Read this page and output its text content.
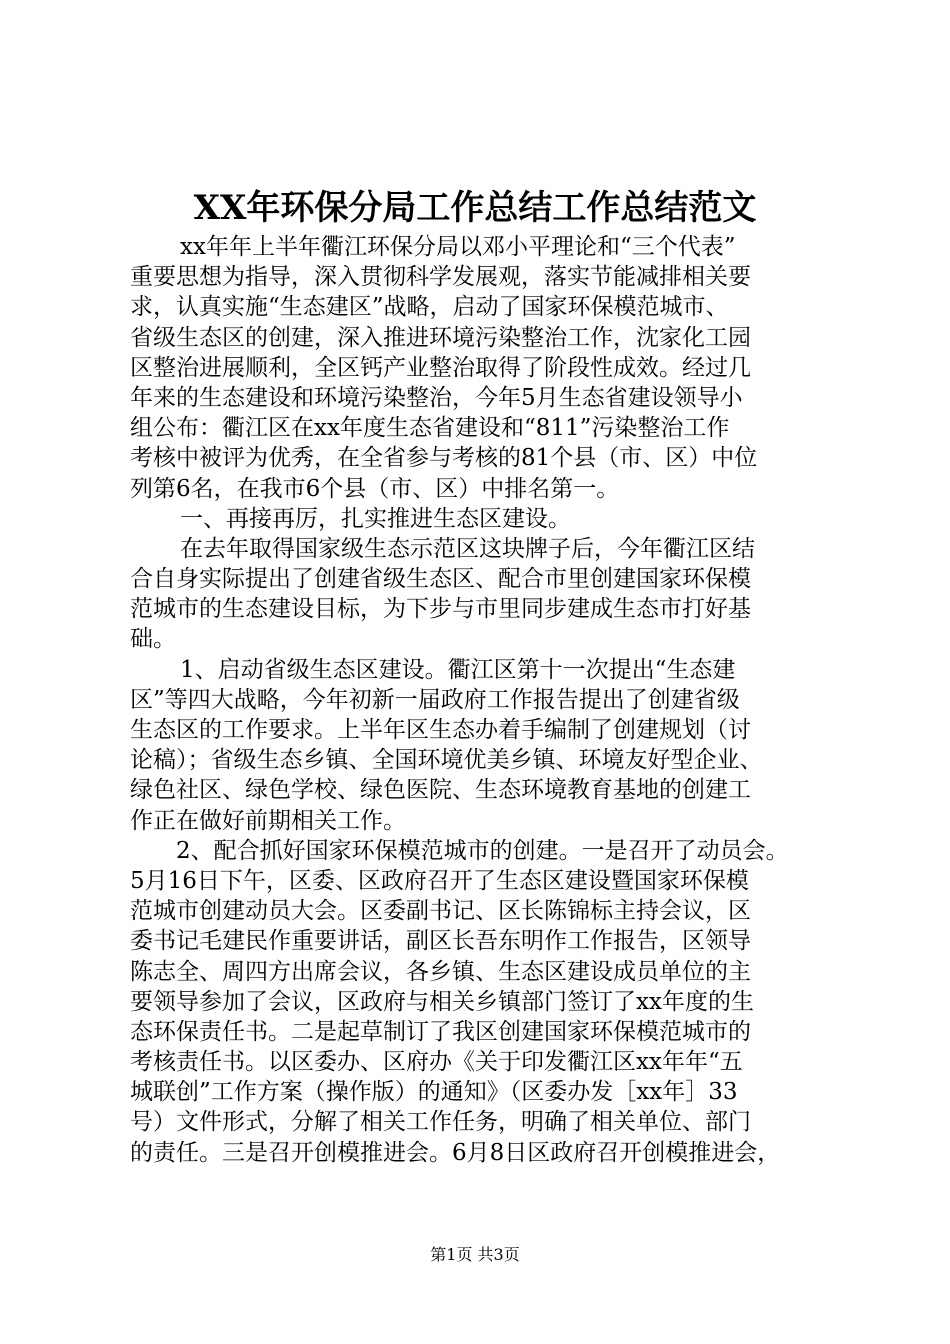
XX年环保分局工作总结工作总结范文
xx年年上半年衢江环保分局以邓小平理论和“三个代表”
重要思想为指导，深入贯彻科学发展观，落实节能减排相关要
求，认真实施“生态建区”战略，启动了国家环保模范城市、
省级生态区的创建，深入推进环境污染整治工作，沈家化工园
区整治进展顺利，全区钙产业整治取得了阶段性成效。经过几
年来的生态建设和环境污染整治，今年5月生态省建设领导小
组公布：衢江区在xx年度生态省建设和“811”污染整治工作
考核中被评为优秀，在全省参与考核的81个县（市、区）中位
列第6名，在我市6个县（市、区）中排名第一。
一、再接再厉，扎实推进生态区建设。
在去年取得国家级生态示范区这块牌子后，今年衢江区结
合自身实际提出了创建省级生态区、配合市里创建国家环保模
范城市的生态建设目标，为下步与市里同步建成生态市打好基
础。
1、启动省级生态区建设。衢江区第十一次提出“生态建
区”等四大战略，今年初新一届政府工作报告提出了创建省级
生态区的工作要求。上半年区生态办着手编制了创建规划（讨
论稿）；省级生态乡镇、全国环境优美乡镇、环境友好型企业、
绿色社区、绿色学校、绿色医院、生态环境教育基地的创建工
作正在做好前期相关工作。
2、配合抓好国家环保模范城市的创建。一是召开了动员会。
5月16日下午，区委、区政府召开了生态区建设暨国家环保模
范城市创建动员大会。区委副书记、区长陈锦标主持会议，区
委书记毛建民作重要讲话，副区长吾东明作工作报告，区领导
陈志全、周四方出席会议，各乡镇、生态区建设成员单位的主
要领导参加了会议，区政府与相关乡镇部门签订了xx年度的生
态环保责任书。二是起草制订了我区创建国家环保模范城市的
考核责任书。以区委办、区府办《关于印发衢江区xx年年“五
城联创”工作方案（操作版）的通知》（区委办发［xx年］33
号）文件形式，分解了相关工作任务，明确了相关单位、部门
的责任。三是召开创模推进会。6月8日区政府召开创模推进会，
第1页 共3页
